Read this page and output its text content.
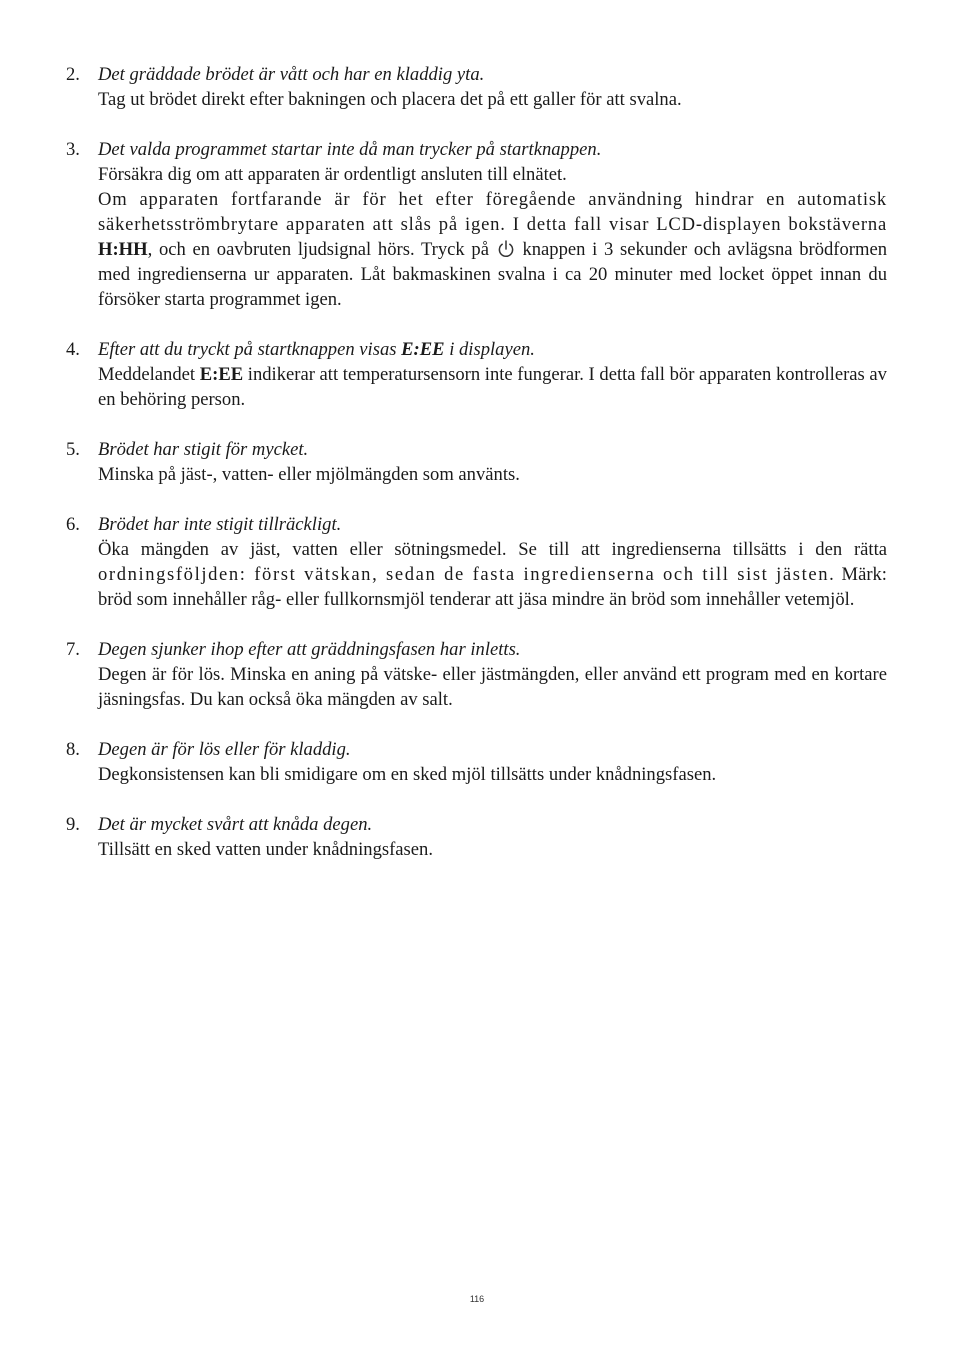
2. Det gräddade brödet är vått och har en kladdig yta.
Tag ut brödet direkt efter bakningen och placera det på ett galler för att svalna.
3. Det valda programmet startar inte då man trycker på startknappen.
Försäkra dig om att apparaten är ordentligt ansluten till elnätet.
Om apparaten fortfarande är för het efter föregående användning hindrar en automatisk säkerhetsströmbrytare apparaten att slås på igen. I detta fall visar LCD-displayen bokstäverna H:HH, och en oavbruten ljudsignal hörs. Tryck på  knappen i 3 sekunder och avlägsna brödformen med ingredienserna ur apparaten. Låt bakmaskinen svalna i ca 20 minuter med locket öppet innan du försöker starta programmet igen.
4. Efter att du tryckt på startknappen visas E:EE i displayen.
Meddelandet E:EE indikerar att temperatursensorn inte fungerar. I detta fall bör apparaten kontrolleras av en behöring person.
5. Brödet har stigit för mycket.
Minska på jäst-, vatten- eller mjölmängden som använts.
6. Brödet har inte stigit tillräckligt.
Öka mängden av jäst, vatten eller sötningsmedel. Se till att ingredienserna tillsätts i den rätta ordningsföljden: först vätskan, sedan de fasta ingredienserna och till sist jästen. Märk: bröd som innehåller råg- eller fullkornsmjöl tenderar att jäsa mindre än bröd som innehåller vetemjöl.
7. Degen sjunker ihop efter att gräddningsfasen har inletts.
Degen är för lös. Minska en aning på vätske- eller jästmängden, eller använd ett program med en kortare jäsningsfas. Du kan också öka mängden av salt.
8. Degen är för lös eller för kladdig.
Degkonsistensen kan bli smidigare om en sked mjöl tillsätts under knådningsfasen.
9. Det är mycket svårt att knåda degen.
Tillsätt en sked vatten under knådningsfasen.
116
